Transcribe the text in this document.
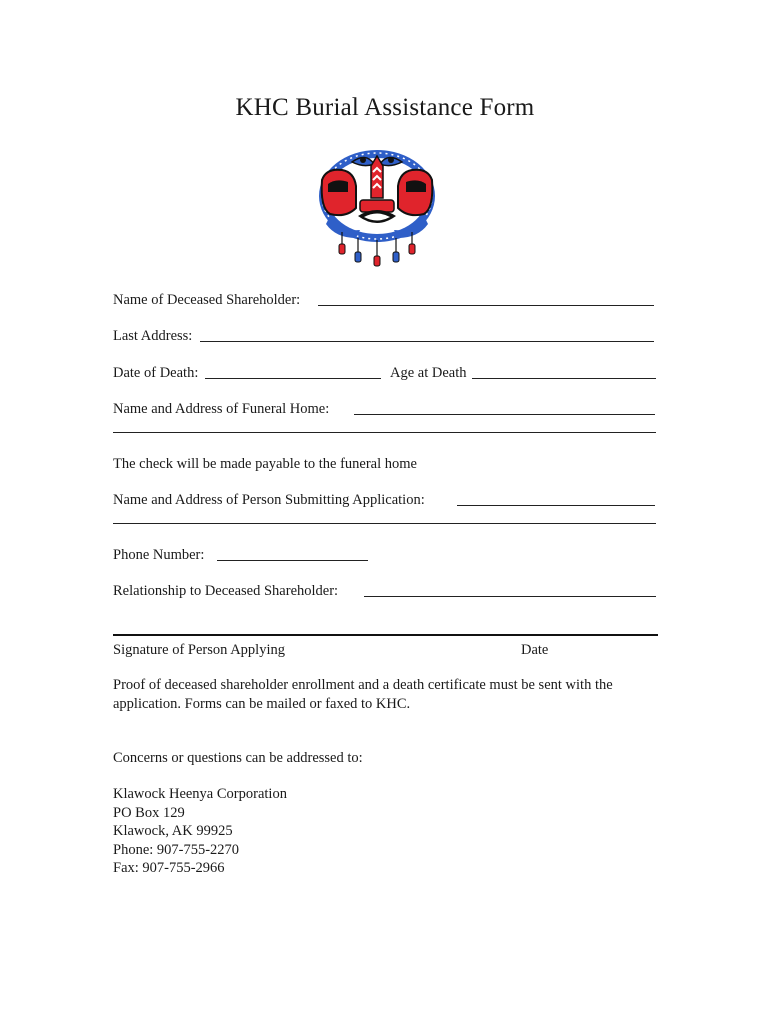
KHC Burial Assistance Form
Name of Deceased Shareholder:
Last Address:
Date of Death:	Age at Death
Name and Address of Funeral Home:
The check will be made payable to the funeral home
Name and Address of Person Submitting Application:
Phone Number:
Relationship to Deceased Shareholder:
Signature of Person Applying	Date
Proof of deceased shareholder enrollment and a death certificate must be sent with the application. Forms can be mailed or faxed to KHC.
Concerns or questions can be addressed to:
Klawock Heenya Corporation
PO Box 129
Klawock, AK 99925
Phone: 907-755-2270
Fax: 907-755-2966
